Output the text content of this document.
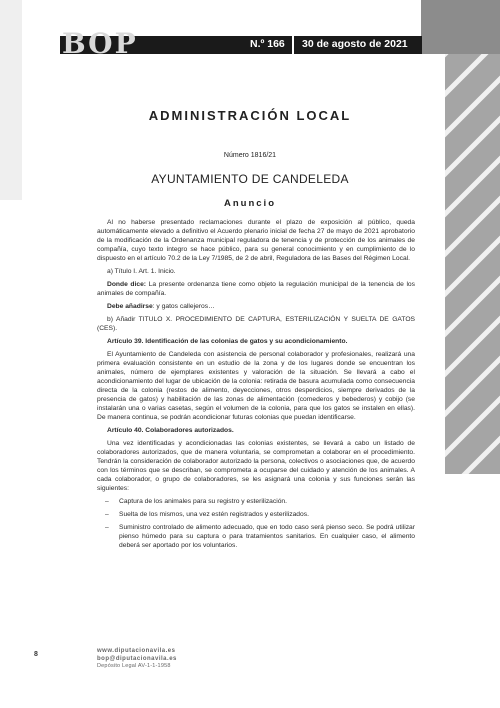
BOP	N.º 166 30 de agosto de 2021
ADMINISTRACIÓN LOCAL
Número 1816/21
AYUNTAMIENTO DE CANDELEDA
Anuncio

Al no haberse presentado reclamaciones durante el plazo de exposición al público, queda automáticamente elevado a definitivo el Acuerdo plenario inicial de fecha 27 de mayo de 2021 aprobatorio de la modificación de la Ordenanza municipal reguladora de tenencia y de protección de los animales de compañía, cuyo texto íntegro se hace público, para su general conocimiento y en cumplimiento de lo dispuesto en el artículo 70.2 de la Ley 7/1985, de 2 de abril, Reguladora de las Bases del Régimen Local.

a) Título I. Art. 1. Inicio.

Donde dice: La presente ordenanza tiene como objeto la regulación municipal de la tenencia de los animales de compañía.

Debe añadirse: y gatos callejeros…

b) Añadir TITULO X. PROCEDIMIENTO DE CAPTURA, ESTERILIZACIÓN Y SUELTA DE GATOS (CES).

Artículo 39. Identificación de las colonias de gatos y su acondicionamiento.

El Ayuntamiento de Candeleda con asistencia de personal colaborador y profesionales, realizará una primera evaluación consistente en un estudio de la zona y de los lugares donde se encuentran los animales, número de ejemplares existentes y valoración de la situación. Se llevará a cabo el acondicionamiento del lugar de ubicación de la colonia: retirada de basura acumulada como consecuencia directa de la colonia (restos de alimento, deyecciones, otros desperdicios, siempre derivados de la presencia de gatos) y habilitación de las zonas de alimentación (comederos y bebederos) y cobijo (se instalarán una o varias casetas, según el volumen de la colonia, para que los gatos se instalen en ellas). De manera continua, se podrán acondicionar futuras colonias que puedan identificarse.

Artículo 40. Colaboradores autorizados.

Una vez identificadas y acondicionadas las colonias existentes, se llevará a cabo un listado de colaboradores autorizados, que de manera voluntaria, se comprometan a colaborar en el procedimiento. Tendrán la consideración de colaborador autorizado la persona, colectivos o asociaciones que, de acuerdo con los términos que se describan, se comprometa a ocuparse del cuidado y atención de los animales. A cada colaborador, o grupo de colaboradores, se les asignará una colonia y sus funciones serán las siguientes:

– Captura de los animales para su registro y esterilización.
– Suelta de los mismos, una vez estén registrados y esterilizados.
– Suministro controlado de alimento adecuado, que en todo caso será pienso seco. Se podrá utilizar pienso húmedo para su captura o para tratamientos sanitarios. En cualquier caso, el alimento deberá ser aportado por los voluntarios.
8	www.diputacionavila.es
bop@diputacionavila.es
Depósito Legal AV-1-1-1958
